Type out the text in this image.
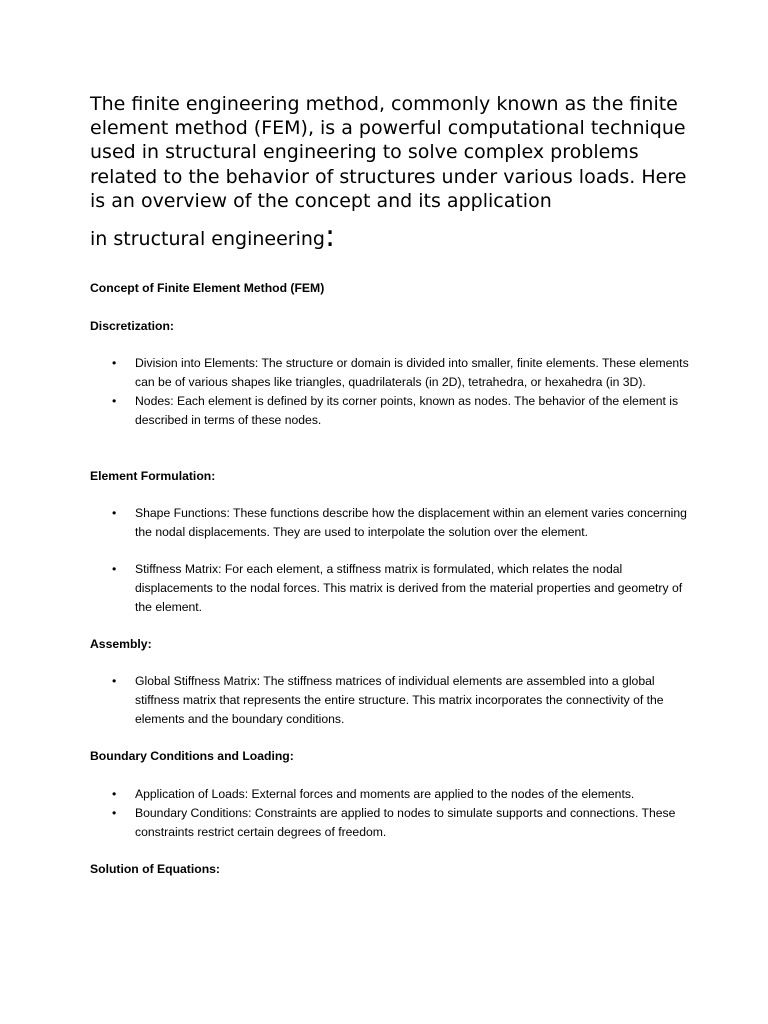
The finite engineering method, commonly known as the finite element method (FEM), is a powerful computational technique used in structural engineering to solve complex problems related to the behavior of structures under various loads. Here is an overview of the concept and its application
in structural engineering:

Concept of Finite Element Method (FEM)

Discretization:

• Division into Elements: The structure or domain is divided into smaller, finite elements. These elements can be of various shapes like triangles, quadrilaterals (in 2D), tetrahedra, or hexahedra (in 3D).
• Nodes: Each element is defined by its corner points, known as nodes. The behavior of the element is described in terms of these nodes.

Element Formulation:

• Shape Functions: These functions describe how the displacement within an element varies concerning the nodal displacements. They are used to interpolate the solution over the element.
• Stiffness Matrix: For each element, a stiffness matrix is formulated, which relates the nodal displacements to the nodal forces. This matrix is derived from the material properties and geometry of the element.

Assembly:

• Global Stiffness Matrix: The stiffness matrices of individual elements are assembled into a global stiffness matrix that represents the entire structure. This matrix incorporates the connectivity of the elements and the boundary conditions.

Boundary Conditions and Loading:

• Application of Loads: External forces and moments are applied to the nodes of the elements.
• Boundary Conditions: Constraints are applied to nodes to simulate supports and connections. These constraints restrict certain degrees of freedom.

Solution of Equations:
